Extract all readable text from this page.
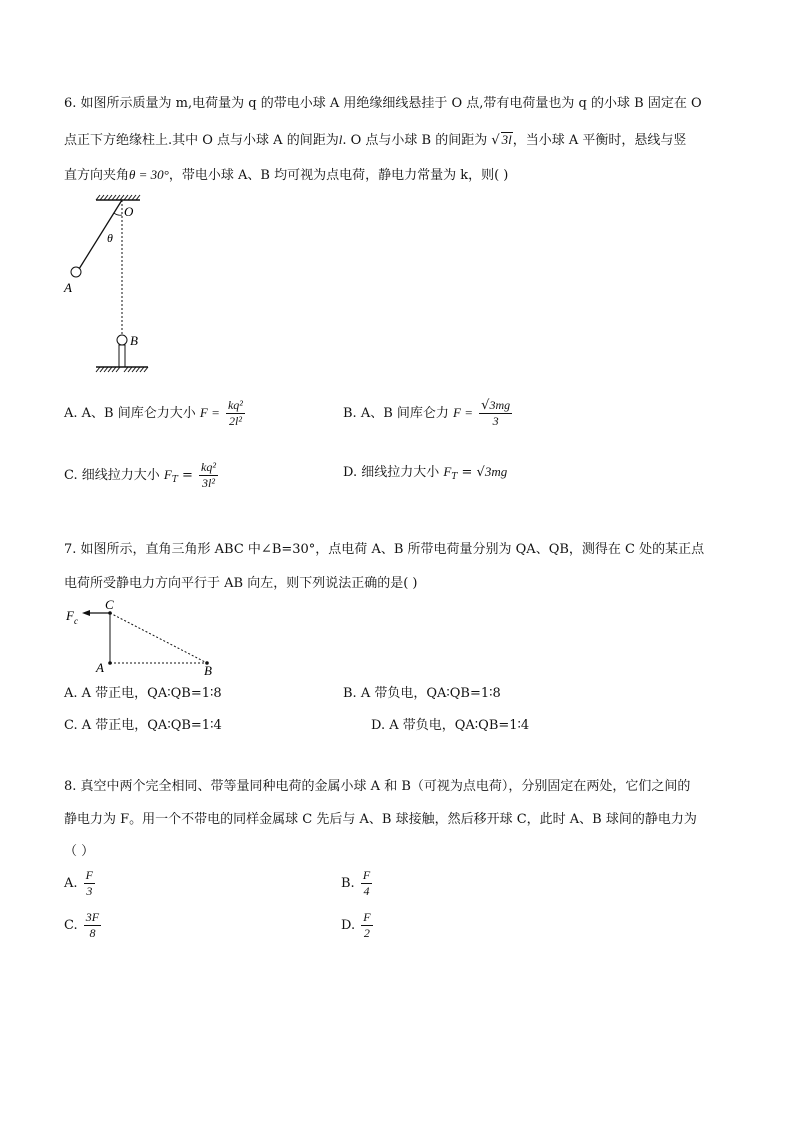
6. 如图所示质量为 m,电荷量为 q 的带电小球 A 用绝缘细线悬挂于 O 点,带有电荷量也为 q 的小球 B 固定在 O
点正下方绝缘柱上.其中 O 点与小球 A 的间距为l. O 点与小球 B 的间距为 √ 3l，当小球 A 平衡时，悬线与竖
直方向夹角θ = 30°，带电小球 A、B 均可视为点电荷，静电力常量为 k，则( )
O
θ
A
B
A. A、B 间库仑力大小 $F = \frac{\text{kq²}}{\text{2l²}}$	B. A、B 间库仑力 $F = \frac{√3mg}{3}$
C. 细线拉力大小 $F_T = \frac{\text{kq²}}{\text{3l²}}$	D. 细线拉力大小 $F_T = √3mg$
7. 如图所示，直角三角形 ABC 中∠B=30°，点电荷 A、B 所带电荷量分别为 QA、QB，测得在 C 处的某正点
电荷所受静电力方向平行于 AB 向左，则下列说法正确的是( )
F c
C
A	B
A. A 带正电，QA∶QB=1∶8	B. A 带负电，QA∶QB=1∶8
C. A 带正电，QA∶QB=1∶4	D. A 带负电，QA∶QB=1∶4
8. 真空中两个完全相同、带等量同种电荷的金属小球 A 和 B（可视为点电荷），分别固定在两处，它们之间的
静电力为 F。用一个不带电的同样金属球 C 先后与 A、B 球接触，然后移开球 C，此时 A、B 球间的静电力为
（ ）
A. $\frac{F}{3}$	B. $\frac{F}{4}$
C. $\frac{3F}{8}$	D. $\frac{F}{2}$
